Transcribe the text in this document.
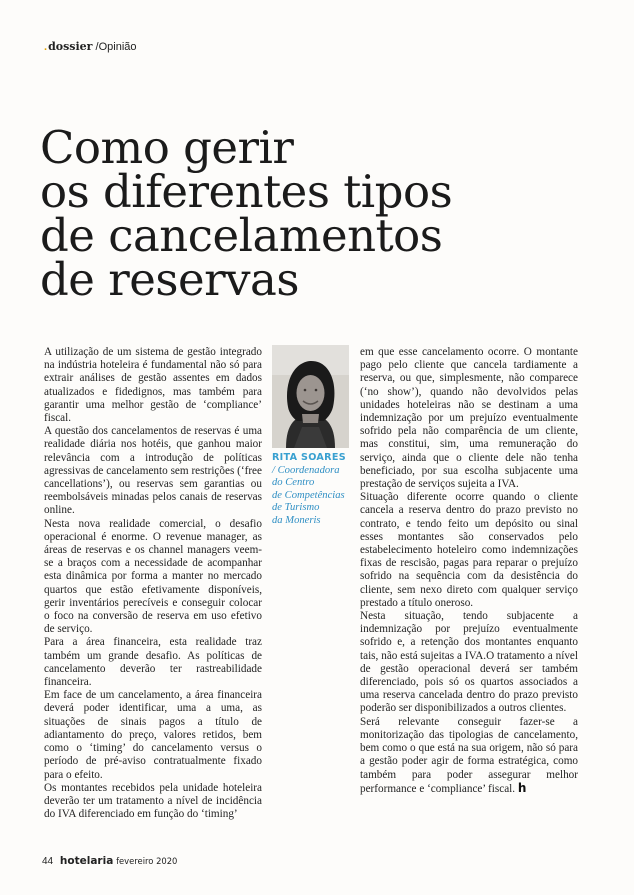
.dossier /Opinião
Como gerir
os diferentes tipos
de cancelamentos
de reservas

A utilização de um sistema de gestão integrado na indústria hoteleira é fundamental não só para extrair análises de gestão assentes em dados atualizados e fidedignos, mas também para garantir uma melhor gestão de ‘compliance’ fiscal.

A questão dos cancelamentos de reservas é uma realidade diária nos hotéis, que ganhou maior relevância com a introdução de políticas agressivas de cancelamento sem restrições (‘free cancellations’), ou reservas sem garantias ou reembolsáveis minadas pelos canais de reservas online.

Nesta nova realidade comercial, o desafio operacional é enorme. O revenue manager, as áreas de reservas e os channel managers veem-se a braços com a necessidade de acompanhar esta dinâmica por forma a manter no mercado quartos que estão efetivamente disponíveis, gerir inventários perecíveis e conseguir colocar o foco na conversão de reserva em uso efetivo de serviço.

Para a área financeira, esta realidade traz também um grande desafio. As políticas de cancelamento deverão ter rastreabilidade financeira.

Em face de um cancelamento, a área financeira deverá poder identificar, uma a uma, as situações de sinais pagos a título de adiantamento do preço, valores retidos, bem como o ‘timing’ do cancelamento versus o período de pré-aviso contratualmente fixado para o efeito.

Os montantes recebidos pela unidade hoteleira deverão ter um tratamento a nível de incidência do IVA diferenciado em função do ‘timing’

RITA SOARES
/ Coordenadora
do Centro
de Competências
de Turismo
da Moneris

em que esse cancelamento ocorre. O montante pago pelo cliente que cancela tardiamente a reserva, ou que, simplesmente, não comparece (‘no show’), quando não devolvidos pelas unidades hoteleiras não se destinam a uma indemnização por um prejuízo eventualmente sofrido pela não comparência de um cliente, mas constitui, sim, uma remuneração do serviço, ainda que o cliente dele não tenha beneficiado, por sua escolha subjacente uma prestação de serviços sujeita a IVA.

Situação diferente ocorre quando o cliente cancela a reserva dentro do prazo previsto no contrato, e tendo feito um depósito ou sinal esses montantes são conservados pelo estabelecimento hoteleiro como indemnizações fixas de rescisão, pagas para reparar o prejuízo sofrido na sequência com da desistência do cliente, sem nexo direto com qualquer serviço prestado a título oneroso.

Nesta situação, tendo subjacente a indemnização por prejuízo eventualmente sofrido e, a retenção dos montantes enquanto tais, não está sujeitas a IVA.O tratamento a nível de gestão operacional deverá ser também diferenciado, pois só os quartos associados a uma reserva cancelada dentro do prazo previsto poderão ser disponibilizados a outros clientes.

Será relevante conseguir fazer-se a monitorização das tipologias de cancelamento, bem como o que está na sua origem, não só para a gestão poder agir de forma estratégica, como também para poder assegurar melhor performance e ‘compliance’ fiscal. h

44 hotelaria fevereiro 2020
